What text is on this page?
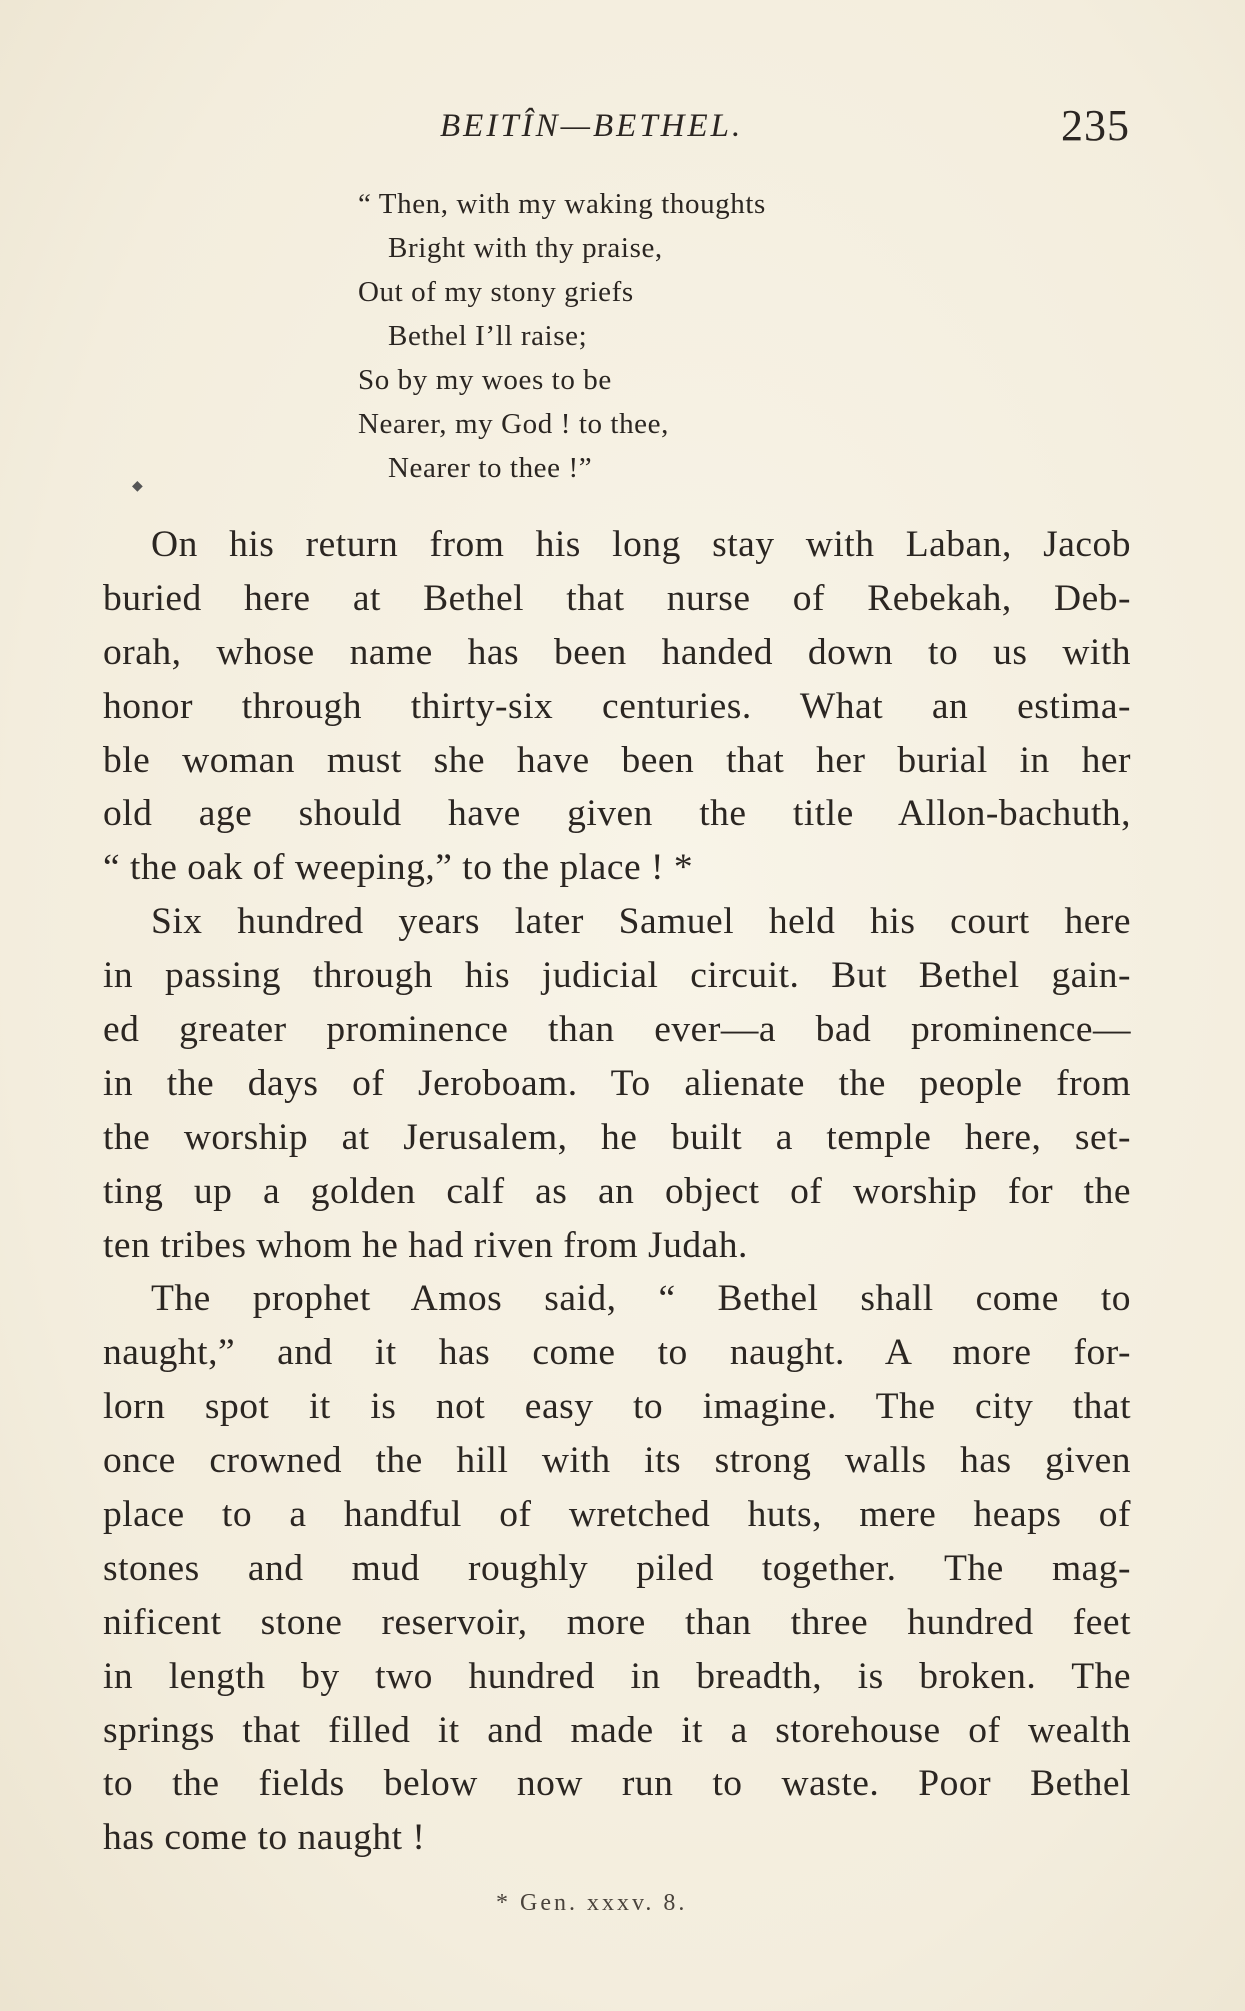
BEITÎN—BETHEL.	235
“ Then, with my waking thoughts
Bright with thy praise,
Out of my stony griefs
Bethel I’ll raise;
So by my woes to be
Nearer, my God ! to thee,
Nearer to thee !”
◆
On his return from his long stay with Laban, Jacob
buried here at Bethel that nurse of Rebekah, Deb-
orah, whose name has been handed down to us with
honor through thirty-six centuries. What an estima-
ble woman must she have been that her burial in her
old age should have given the title Allon-bachuth,
“ the oak of weeping,” to the place ! *
Six hundred years later Samuel held his court here
in passing through his judicial circuit. But Bethel gain-
ed greater prominence than ever—a bad prominence—
in the days of Jeroboam. To alienate the people from
the worship at Jerusalem, he built a temple here, set-
ting up a golden calf as an object of worship for the
ten tribes whom he had riven from Judah.
The prophet Amos said, “ Bethel shall come to
naught,” and it has come to naught. A more for-
lorn spot it is not easy to imagine. The city that
once crowned the hill with its strong walls has given
place to a handful of wretched huts, mere heaps of
stones and mud roughly piled together. The mag-
nificent stone reservoir, more than three hundred feet
in length by two hundred in breadth, is broken. The
springs that filled it and made it a storehouse of wealth
to the fields below now run to waste. Poor Bethel
has come to naught !
* Gen. xxxv. 8.
